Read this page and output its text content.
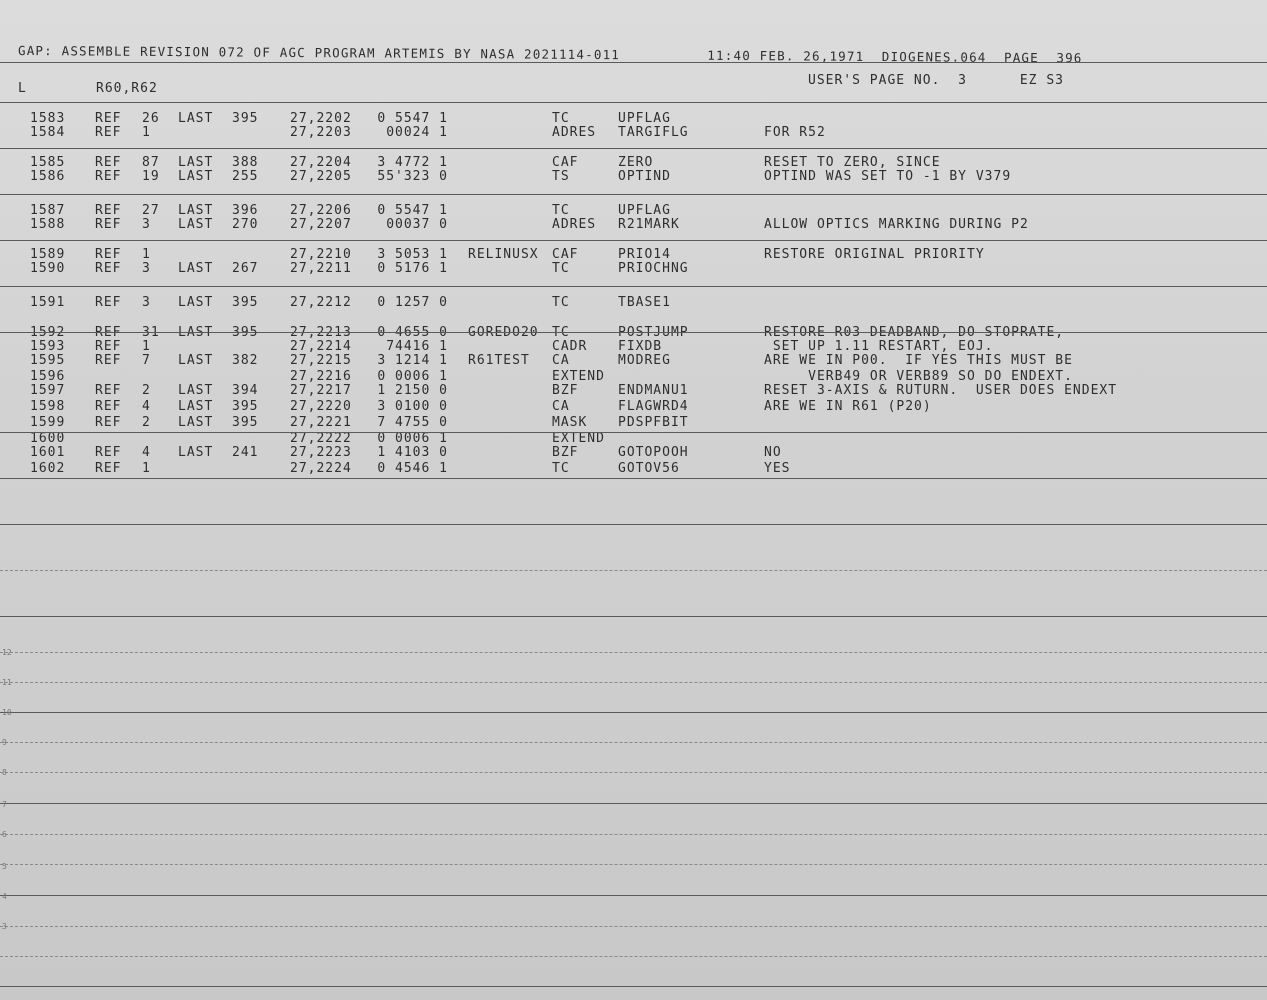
GAP: ASSEMBLE REVISION 072 OF AGC PROGRAM ARTEMIS BY NASA 2021114-011	11:40 FEB. 26,1971 DIOGENES.064 PAGE 396
L	R60,R62
USER'S PAGE NO. 3	EZ S3
1583 REF 26 LAST 395 27,2202	0 5547 1	TC	UPFLAG
1584 REF 1	27,2203	00024 1	ADRES TARGIFLG	FOR R52
1585 REF 87 LAST 388 27,2204	3 4772 1	CAF	ZERO	RESET TO ZERO, SINCE
1586 REF 19 LAST 255 27,2205	55'323 0	TS	OPTIND	OPTIND WAS SET TO -1 BY V379
1587 REF 27 LAST 396 27,2206	0 5547 1	TC	UPFLAG
1588 REF 3 LAST 270 27,2207	00037 0	ADRES R21MARK	ALLOW OPTICS MARKING DURING P2
1589 REF 1	27,2210	3 5053 1 RELINUSX CAF	PRIO14	RESTORE ORIGINAL PRIORITY
1590 REF 3 LAST 267 27,2211	0 5176 1	TC	PRIOCHNG
1591 REF 3 LAST 395 27,2212	0 1257 0	TC	TBASE1
1592 REF 31 LAST 395 27,2213	0 4655 0 GOREDO20 TC	POSTJUMP	RESTORE R03 DEADBAND, DO STOPRATE,
1593 REF 1	27,2214	74416 1	CADR FIXDB	SET UP 1.11 RESTART, EOJ.
1595 REF 7 LAST 382 27,2215	3 1214 1 R61TEST CA	MODREG	ARE WE IN P00.  IF YES THIS MUST BE
1596	27,2216	0 0006 1	EXTEND	VERB49 OR VERB89 SO DO ENDEXT.
1597 REF 2 LAST 394 27,2217	1 2150 0	BZF	ENDMANU1	RESET 3-AXIS & RUTURN.  USER DOES ENDEXT
1598 REF 4 LAST 395 27,2220	3 0100 0	CA	FLAGWRD4	ARE WE IN R61 (P20)
1599 REF 2 LAST 395 27,2221	7 4755 0	MASK PDSPFBIT
1600	27,2222	0 0006 1	EXTEND
1601 REF 4 LAST 241 27,2223	1 4103 0	BZF	GOTOPOOH	NO
1602 REF 1	27,2224	0 4546 1	TC	GOTOV56	YES
12
11
10
9
8
7
6
5
4
3
